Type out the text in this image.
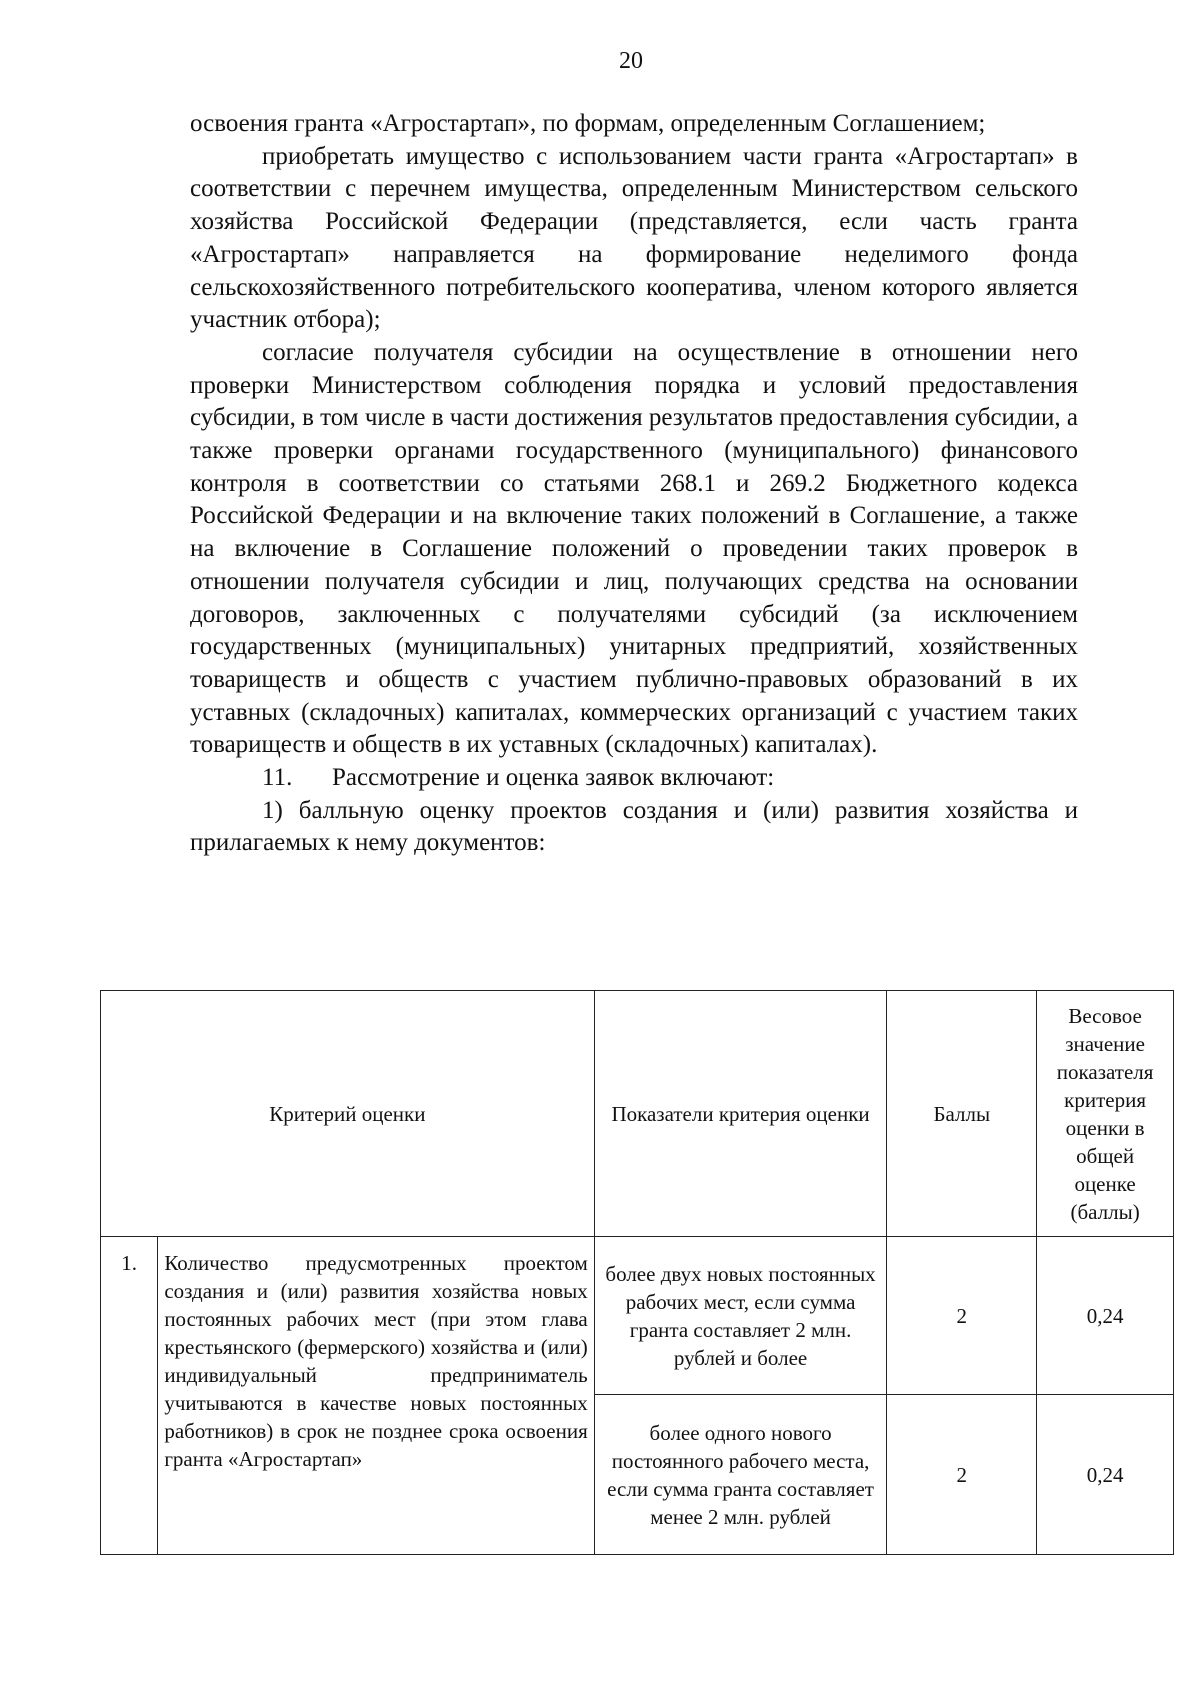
20

освоения гранта «Агростартап», по формам, определенным Соглашением;

приобретать имущество с использованием части гранта «Агростартап» в соответствии с перечнем имущества, определенным Министерством сельского хозяйства Российской Федерации (представляется, если часть гранта «Агростартап» направляется на формирование неделимого фонда сельскохозяйственного потребительского кооператива, членом которого является участник отбора);

согласие получателя субсидии на осуществление в отношении него проверки Министерством соблюдения порядка и условий предоставления субсидии, в том числе в части достижения результатов предоставления субсидии, а также проверки органами государственного (муниципального) финансового контроля в соответствии со статьями 268.1 и 269.2 Бюджетного кодекса Российской Федерации и на включение таких положений в Соглашение, а также на включение в Соглашение положений о проведении таких проверок в отношении получателя субсидии и лиц, получающих средства на основании договоров, заключенных с получателями субсидий (за исключением государственных (муниципальных) унитарных предприятий, хозяйственных товариществ и обществ с участием публично-правовых образований в их уставных (складочных) капиталах, коммерческих организаций с участием таких товариществ и обществ в их уставных (складочных) капиталах).

11. Рассмотрение и оценка заявок включают:

1) балльную оценку проектов создания и (или) развития хозяйства и прилагаемых к нему документов:

Критерий оценки		Показатели критерия оценки	Баллы	Весовое значение показателя критерия оценки в общей оценке (баллы)
1.	Количество предусмотренных проектом создания и (или) развития хозяйства новых постоянных рабочих мест (при этом глава крестьянского (фермерского) хозяйства и (или) индивидуальный предприниматель учитываются в качестве новых постоянных работников) в срок не позднее срока освоения гранта «Агростартап»	более двух новых постоянных рабочих мест, если сумма гранта составляет 2 млн. рублей и более	2	0,24
		более одного нового постоянного рабочего места, если сумма гранта составляет менее 2 млн. рублей	2	0,24
